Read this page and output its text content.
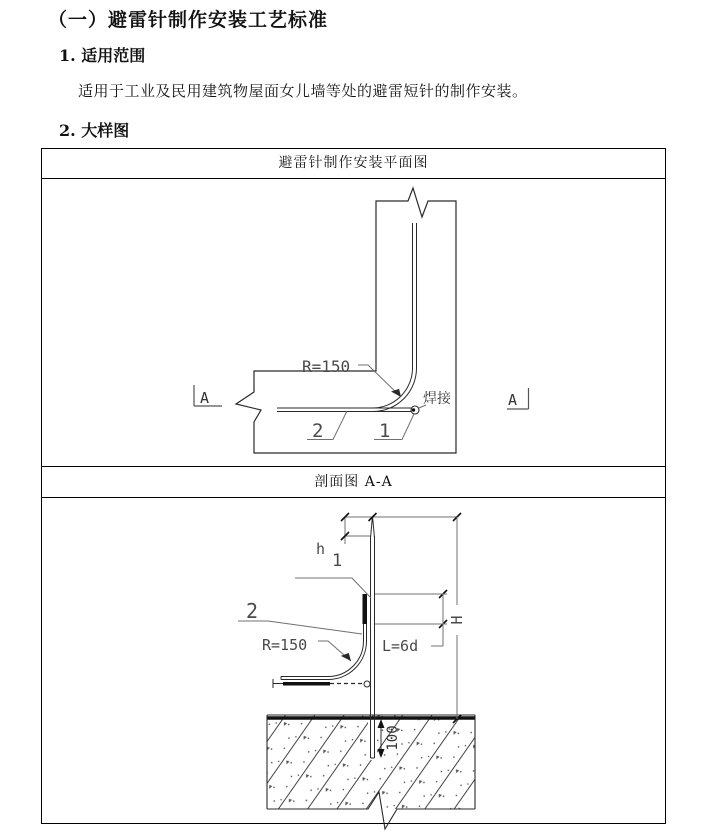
（一）避雷针制作安装工艺标准
1. 适用范围
适用于工业及民用建筑物屋面女儿墙等处的避雷短针的制作安装。
2. 大样图
避雷针制作安装平面图
R=150
焊接
2	1
A	A
剖面图 A-A
h
1
2
R=150	L=6d
H
100
